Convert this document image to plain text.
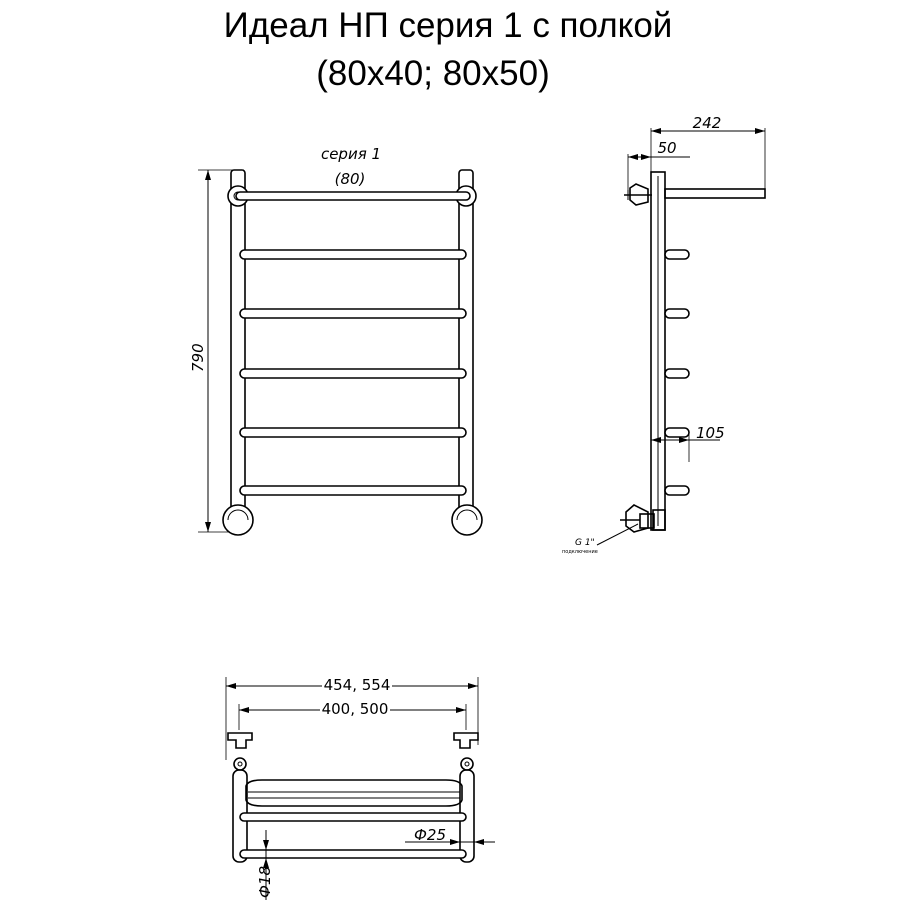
Идеал НП серия 1 с полкой
(80x40; 80x50)
790
серия 1
(80)
242
50
105
G 1"
подключение
454, 554
400, 500
Ф25
Ф18
